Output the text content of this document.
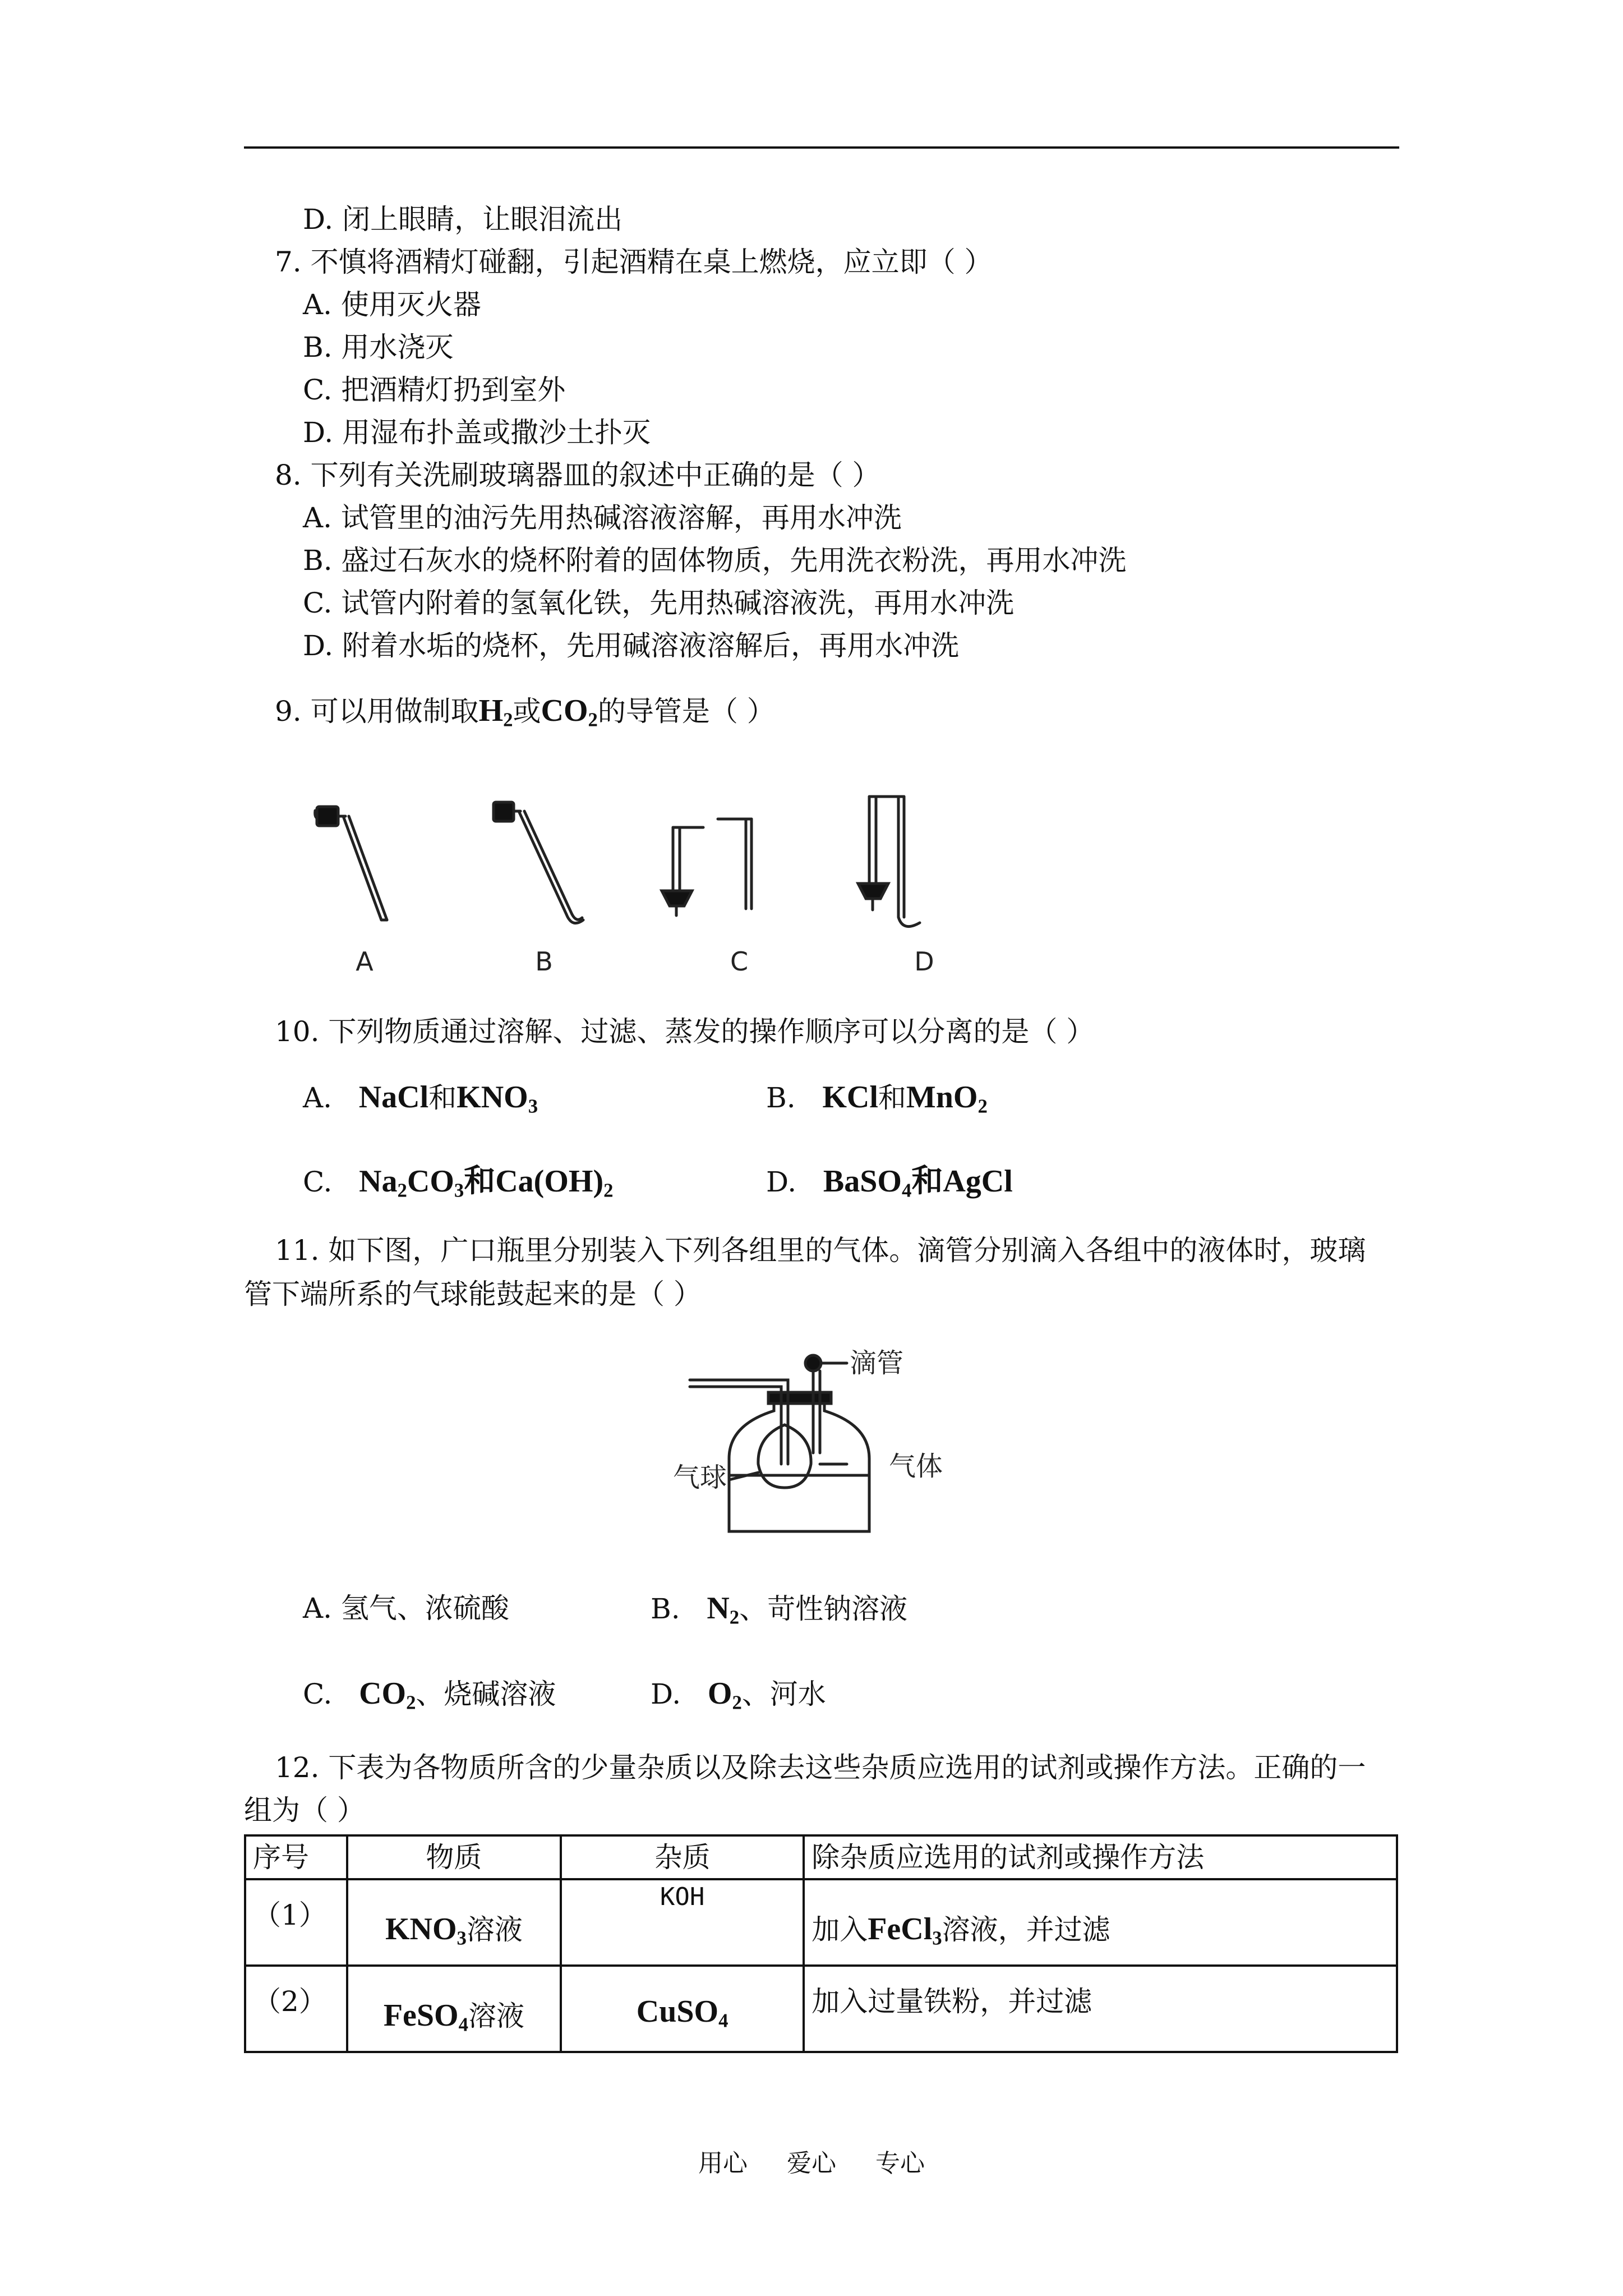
D. 闭上眼睛，让眼泪流出
7. 不慎将酒精灯碰翻，引起酒精在桌上燃烧，应立即（ ）
A. 使用灭火器
B. 用水浇灭
C. 把酒精灯扔到室外
D. 用湿布扑盖或撒沙土扑灭
8. 下列有关洗刷玻璃器皿的叙述中正确的是（ ）
A. 试管里的油污先用热碱溶液溶解，再用水冲洗
B. 盛过石灰水的烧杯附着的固体物质，先用洗衣粉洗，再用水冲洗
C. 试管内附着的氢氧化铁，先用热碱溶液洗，再用水冲洗
D. 附着水垢的烧杯，先用碱溶液溶解后，再用水冲洗
9. 可以用做制取$H_2$或$CO_2$的导管是（ ）
A	B	C	D
10. 下列物质通过溶解、过滤、蒸发的操作顺序可以分离的是（ ）
A. NaCl和$KNO_3$	B. KCl和MnO$_2$
C. $Na_2CO_3$和$Ca(OH)_2$	D. BaSO$_4$和AgCl
11. 如下图，广口瓶里分别装入下列各组里的气体。滴管分别滴入各组中的液体时，玻璃
管下端所系的气球能鼓起来的是（ ）
滴管
气球	气体
A. 氢气、浓硫酸	B. $N_2$、苛性钠溶液
C. $CO_2$、烧碱溶液	D. $O_2$、河水
12. 下表为各物质所含的少量杂质以及除去这些杂质应选用的试剂或操作方法。正确的一
组为（ ）
序号	物质	杂质	除杂质应选用的试剂或操作方法

（1）	$KNO_3$溶液	KOH	加入FeCl$_3$溶液，并过滤

（2）	FeSO$_4$溶液	CuSO$_4$	加入过量铁粉，并过滤
用心 爱心 专心
